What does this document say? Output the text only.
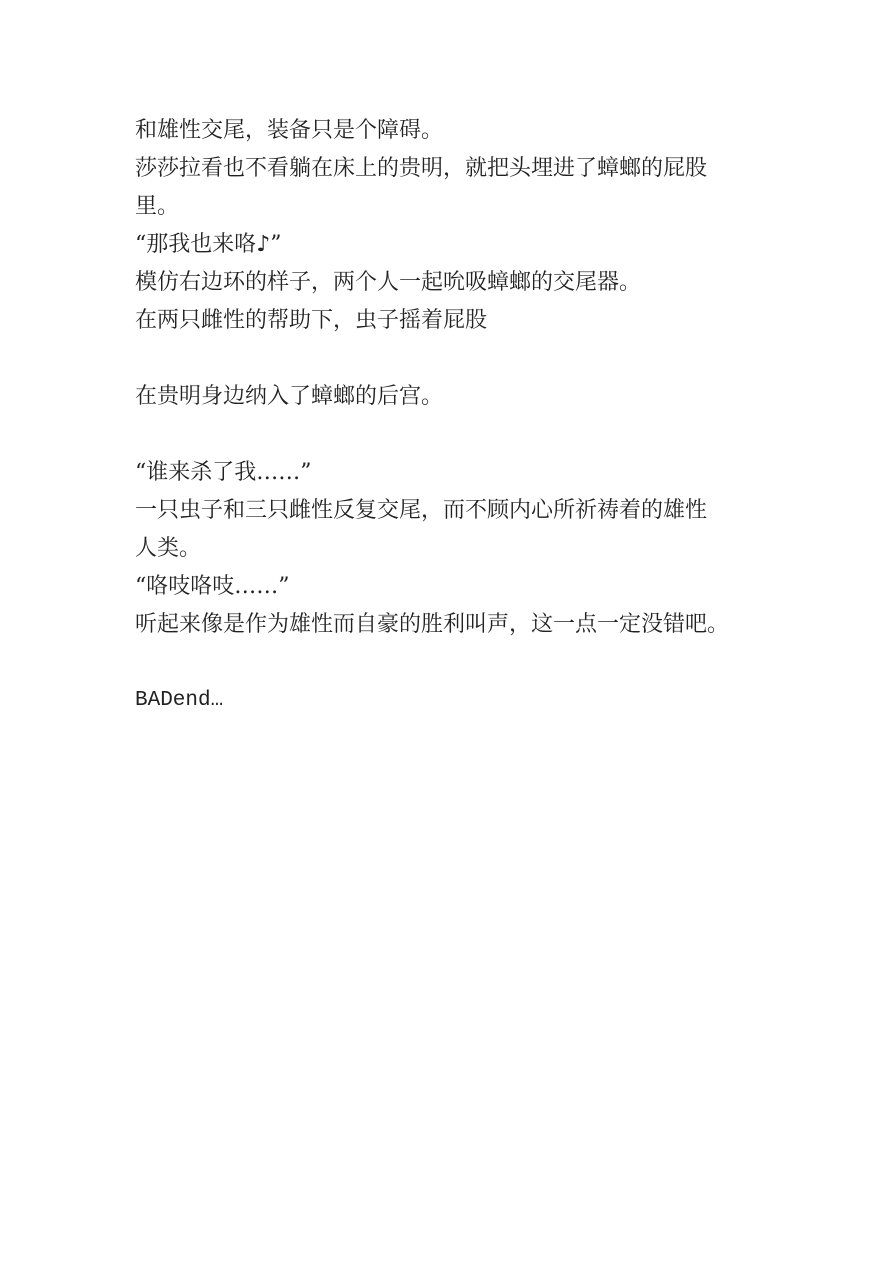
和雄性交尾，装备只是个障碍。
莎莎拉看也不看躺在床上的贵明，就把头埋进了蟑螂的屁股
里。
“那我也来咯♪”
模仿右边环的样子，两个人一起吮吸蟑螂的交尾器。
在两只雌性的帮助下，虫子摇着屁股
在贵明身边纳入了蟑螂的后宫。
“谁来杀了我……”
一只虫子和三只雌性反复交尾，而不顾内心所祈祷着的雄性
人类。
“咯吱咯吱……”
听起来像是作为雄性而自豪的胜利叫声，这一点一定没错吧。
BADend…
